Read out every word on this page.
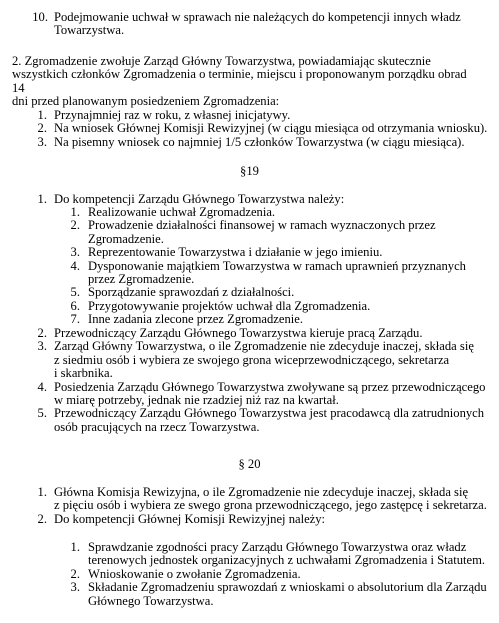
10. Podejmowanie uchwał w sprawach nie należących do kompetencji innych władz
Towarzystwa.
2. Zgromadzenie zwołuje Zarząd Główny Towarzystwa, powiadamiając skutecznie
wszystkich członków Zgromadzenia o terminie, miejscu i proponowanym porządku obrad 14
dni przed planowanym posiedzeniem Zgromadzenia:
1. Przynajmniej raz w roku, z własnej inicjatywy.
2. Na wniosek Głównej Komisji Rewizyjnej (w ciągu miesiąca od otrzymania wniosku).
3. Na pisemny wniosek co najmniej 1/5 członków Towarzystwa (w ciągu miesiąca).
§19
1. Do kompetencji Zarządu Głównego Towarzystwa należy:
1. Realizowanie uchwał Zgromadzenia.
2. Prowadzenie działalności finansowej w ramach wyznaczonych przez
Zgromadzenie.
3. Reprezentowanie Towarzystwa i działanie w jego imieniu.
4. Dysponowanie majątkiem Towarzystwa w ramach uprawnień przyznanych
przez Zgromadzenie.
5. Sporządzanie sprawozdań z działalności.
6. Przygotowywanie projektów uchwał dla Zgromadzenia.
7. Inne zadania zlecone przez Zgromadzenie.
2. Przewodniczący Zarządu Głównego Towarzystwa kieruje pracą Zarządu.
3. Zarząd Główny Towarzystwa, o ile Zgromadzenie nie zdecyduje inaczej, składa się
z siedmiu osób i wybiera ze swojego grona wiceprzewodniczącego, sekretarza
i skarbnika.
4. Posiedzenia Zarządu Głównego Towarzystwa zwoływane są przez przewodniczącego
w miarę potrzeby, jednak nie rzadziej niż raz na kwartał.
5. Przewodniczący Zarządu Głównego Towarzystwa jest pracodawcą dla zatrudnionych
osób pracujących na rzecz Towarzystwa.
§ 20
1. Główna Komisja Rewizyjna, o ile Zgromadzenie nie zdecyduje inaczej, składa się
z pięciu osób i wybiera ze swego grona przewodniczącego, jego zastępcę i sekretarza.
2. Do kompetencji Głównej Komisji Rewizyjnej należy:
1. Sprawdzanie zgodności pracy Zarządu Głównego Towarzystwa oraz władz
terenowych jednostek organizacyjnych z uchwałami Zgromadzenia i Statutem.
2. Wnioskowanie o zwołanie Zgromadzenia.
3. Składanie Zgromadzeniu sprawozdań z wnioskami o absolutorium dla Zarządu
Głównego Towarzystwa.
